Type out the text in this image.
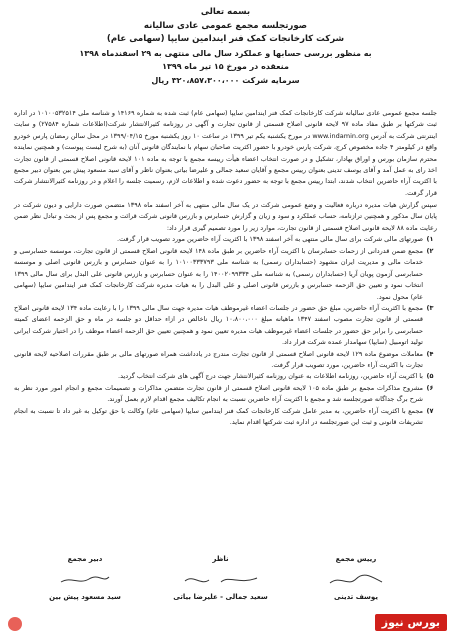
بسمه تعالی
صورتجلسه مجمع عمومی عادی سالیانه
شرکت کارخانجات کمک فنر ایندامین سایپا (سهامی عام)
به منظور بررسی حسابها و عملکرد سال مالی منتهی به ۲۹ اسفندماه ۱۳۹۸
منعقده در مورخ ۱۵ تیر ماه ۱۳۹۹
سرمایه شرکت ۳۲۰،۸۵۷،۳۰۰،۰۰۰ ریال

جلسه مجمع عمومی عادی سالیانه شرکت کارخانجات کمک فنر ایندامین سایپا (سهامی عام) ثبت شده به شماره ۱۴۱۶۹ و شناسه ملی ۱۰۱۰۰۵۳۲۵۱۴ در اداره ثبت شرکتها بر طبق مفاد ماده ۹۷ لایحه قانونی اصلاح قسمتی از قانون تجارت و آگهی در روزنامه کثیرالانتشار شرکت(اطلاعات شماره ۲۷۵۸۴) و سایت اینترنتی شرکت به آدرس www.indamin.org در مورخ یکشنبه یکم تیر ۱۳۹۹ در ساعت ۱۰ روز یکشنبه مورخ ۱۳۹۹/۰۴/۱۵ در محل سالن رمضان پارس خودرو واقع در کیلومتر ۴ جاده مخصوص کرج، شرکت پارس خودرو با حضور اکثریت صاحبان سهام با نمایندگان قانونی آنان (به شرح لیست پیوست) و همچنین نماینده محترم سازمان بورس و اوراق بهادار، تشکیل و در صورت انتخاب اعضاء هیأت رییسه مجمع با توجه به ماده ۱۰۱ لایحه قانونی اصلاح قسمتی از قانون تجارت اخذ رای به عمل آمد و آقای یوسف تدینی بعنوان رییس مجمع و آقایان سعید جمالی و علیرضا بیاتی بعنوان ناظر و آقای سید مسعود پیش بین بعنوان دبیر مجمع با اکثریت آراء حاضرین انتخاب شدند، ابتدا رییس مجمع با توجه به حضور دعوت شده و اطلاعات لازم، رسمیت جلسه را اعلام و در روزنامه کثیرالانتشار شرکت قرار گرفت.

سپس گزارش هیات مدیره درباره فعالیت و وضع عمومی شرکت در یک سال مالی منتهی به آخر اسفند ماه ۱۳۹۸ متضمن صورت دارایی و دیون شرکت در پایان سال مذکور و همچنین ترازنامه، حساب عملکرد و سود و زیان و گزارش حسابرس و بازرس قانونی شرکت قرائت و مجمع پس از بحث و تبادل نظر ضمن رعایت ماده ۸۸ لایحه قانونی اصلاح قسمتی از قانون تجارت، موارد زیر را مورد تصمیم گیری قرار داد:

۱)
صورتهای مالی شرکت برای سال مالی منتهی به آخر اسفند ۱۳۹۸ با اکثریت آراء حاضرین مورد تصویب قرار گرفت.
۲)
مجمع ضمن قدردانی از زحمات حسابرسان با اکثریت آراء حاضرین بر طبق ماده ۱۴۸ لایحه قانونی اصلاح قسمتی از قانون تجارت، موسسه حسابرسی و خدمات مالی و مدیریت ایران مشهود (حسابداران رسمی) به شناسه ملی ۱۰۱۰۰۳۳۳۷۹۳ را به عنوان حسابرس و بازرس قانونی اصلی و موسسه حسابرسی آزمون پویان آریا (حسابداران رسمی) به شناسه ملی ۱۴۰۰۲۰۹۹۳۳۴ را به عنوان حسابرس و بازرس قانونی علی البدل برای سال مالی ۱۳۹۹ انتخاب نمود و تعیین حق الزحمه حسابرس و بازرس قانونی اصلی و علی البدل را به هیات مدیره شرکت کارخانجات کمک فنر ایندامین سایپا (سهامی عام) محول نمود.
۳)
مجمع با اکثریت آراء حاضرین، مبلغ حق حضور در جلسات اعضاء غیرموظف هیات مدیره جهت سال مالی ۱۳۹۹ را با رعایت ماده ۱۳۴ لایحه قانونی اصلاح قسمتی از قانون تجارت مصوب اسفند ۱۳۴۷ ماهیانه مبلغ ۱۰،۸۰۰،۰۰۰ ریال ناخالص در ازاء حداقل دو جلسه در ماه و حق الزحمه اعضای کمیته حسابرسی را برابر حق حضور در جلسات اعضاء غیرموظف هیات مدیره تعیین نمود و همچنین تعیین حق الزحمه اعضاء موظف را در اختیار شرکت ایرانی تولید اتومبیل (سایپا) سهامدار عمده شرکت قرار داد.
۴)
معاملات موضوع ماده ۱۲۹ لایحه قانونی اصلاح قسمتی از قانون تجارت مندرج در یادداشت همراه صورتهای مالی بر طبق مقررات اصلاحیه لایحه قانونی تجارت با اکثریت آراء حاضرین، مورد تصویب قرار گرفت.
۵)
با اکثریت آراء حاضرین، روزنامه اطلاعات به عنوان روزنامه کثیرالانتشار جهت درج آگهی های شرکت انتخاب گردید.
۶)
مشروح مذاکرات مجمع بر طبق ماده ۱۰۵ لایحه قانونی اصلاح قسمتی از قانون تجارت متضمن مذاکرات و تصمیمات مجمع و انجام امور مورد نظر به شرح برگ جداگانه صورتجلسه شد و مجمع با اکثریت آراء حاضرین نسبت به انجام تکالیف مجمع اقدام لازم بعمل آورند.
۷)
مجمع با اکثریت آراء حاضرین، به مدیر عامل شرکت کارخانجات کمک فنر ایندامین سایپا (سهامی عام) وکالت با حق توکیل به غیر داد تا نسبت به انجام تشریفات قانونی و ثبت این صورتجلسه در اداره ثبت شرکتها اقدام نماید.
رییس مجمع
یوسف تدینی
ناظر
سعید جمالی - علیرضا بیاتی
دبیر مجمع
سید مسعود پیش بین
بورس نیوز
